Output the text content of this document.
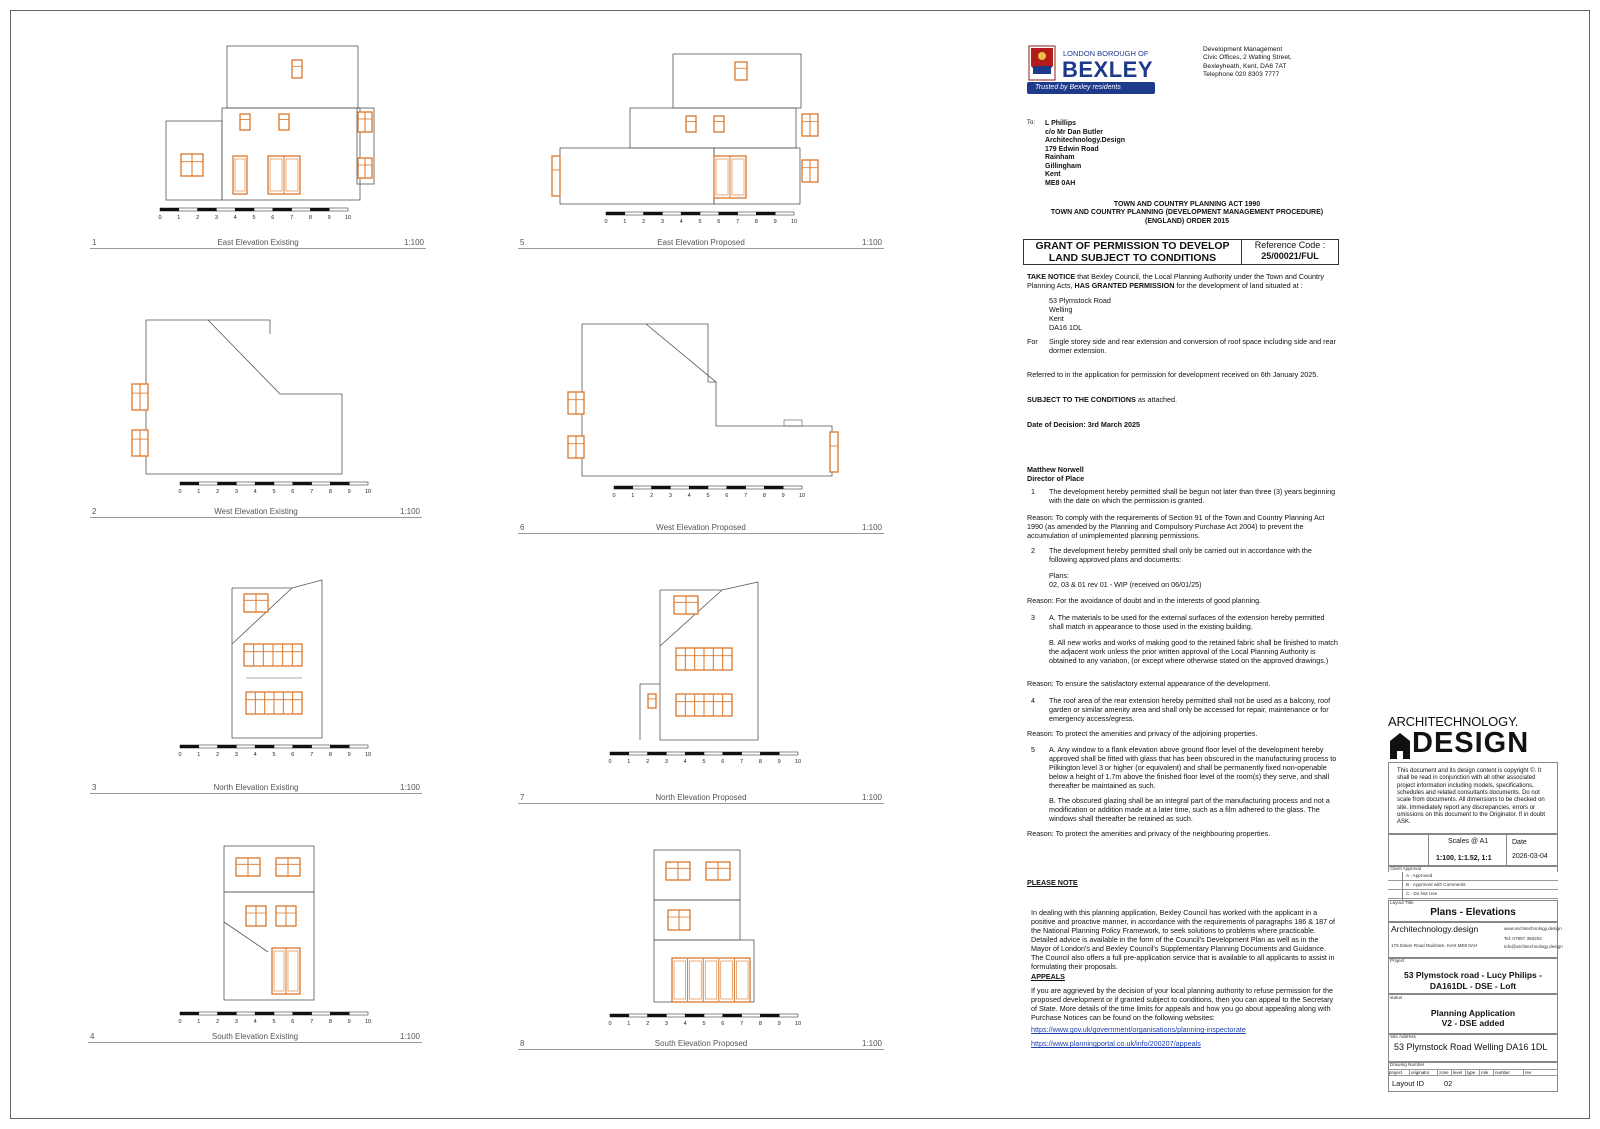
0	1	2	3	4	5	6	7	8	9	10
0	1	2	3	4	5	6	7	8	9	10
0	1	2	3	4	5	6	7	8	9	10
0	1	2	3	4	5	6	7	8	9	10
0	1	2	3	4	5	6	7	8	9	10
0	1	2	3	4	5	6	7	8	9	10
0	1	2	3	4	5	6	7	8	9	10	0	1	2	3	4	5	6	7	8	9	10
1	East Elevation Existing	1:100	5	East Elevation Proposed	1:100
2	West Elevation Existing	1:100
6	West Elevation Proposed	1:100
3	North Elevation Existing	1:100
7	North Elevation Proposed	1:100
4	South Elevation Existing	1:100
8	South Elevation Proposed	1:100
LONDON BOROUGH OF
BEXLEY
Trusted by Bexley residents
Development Management
Civic Offices, 2 Watling Street,
Bexleyheath, Kent, DA6 7AT
Telephone 020 8303 7777
To: L Phillips
c/o Mr Dan Butler
Architechnology.Design
179 Edwin Road
Rainham
Gillingham
Kent
ME8 0AH
TOWN AND COUNTRY PLANNING ACT 1990
TOWN AND COUNTRY PLANNING (DEVELOPMENT MANAGEMENT PROCEDURE)
(ENGLAND) ORDER 2015
GRANT OF PERMISSION TO DEVELOP
LAND SUBJECT TO CONDITIONS
Reference Code :
25/00021/FUL
TAKE NOTICE that Bexley Council, the Local Planning Authority under the Town and Country Planning Acts, HAS GRANTED PERMISSION for the development of land situated at :
53 Plymstock Road
Welling
Kent
DA16 1DL
For Single storey side and rear extension and conversion of roof space including side and rear dormer extension.
Referred to in the application for permission for development received on 6th January 2025.
SUBJECT TO THE CONDITIONS as attached.
Date of Decision: 3rd March 2025
Matthew Norwell
Director of Place
1 The development hereby permitted shall be begun not later than three (3) years beginning with the date on which the permission is granted.
Reason: To comply with the requirements of Section 91 of the Town and Country Planning Act 1990 (as amended by the Planning and Compulsory Purchase Act 2004) to prevent the accumulation of unimplemented planning permissions.
2 The development hereby permitted shall only be carried out in accordance with the following approved plans and documents:
Plans:
02, 03 & 01 rev 01 - WIP (received on 06/01/25)
Reason: For the avoidance of doubt and in the interests of good planning.
3 A. The materials to be used for the external surfaces of the extension hereby permitted shall match in appearance to those used in the existing building.
B. All new works and works of making good to the retained fabric shall be finished to match the adjacent work unless the prior written approval of the Local Planning Authority is obtained to any variation, (or except where otherwise stated on the approved drawings.)
Reason: To ensure the satisfactory external appearance of the development.
4 The roof area of the rear extension hereby permitted shall not be used as a balcony, roof garden or similar amenity area and shall only be accessed for repair, maintenance or for emergency access/egress.
Reason: To protect the amenities and privacy of the adjoining properties.
5 A. Any window to a flank elevation above ground floor level of the development hereby approved shall be fitted with glass that has been obscured in the manufacturing process to Pilkington level 3 or higher (or equivalent) and shall be permanently fixed non-openable below a height of 1.7m above the finished floor level of the room(s) they serve, and shall thereafter be maintained as such.
B. The obscured glazing shall be an integral part of the manufacturing process and not a modification or addition made at a later time, such as a film adhered to the glass. The windows shall thereafter be retained as such.
Reason: To protect the amenities and privacy of the neighbouring properties.
PLEASE NOTE
In dealing with this planning application, Bexley Council has worked with the applicant in a positive and proactive manner, in accordance with the requirements of paragraphs 186 & 187 of the National Planning Policy Framework, to seek solutions to problems where practicable. Detailed advice is available in the form of the Council's Development Plan as well as in the Mayor of London's and Bexley Council's Supplementary Planning Documents and Guidance. The Council also offers a full pre-application service that is available to all applicants to assist in formulating their proposals.
APPEALS
If you are aggrieved by the decision of your local planning authority to refuse permission for the proposed development or if granted subject to conditions, then you can appeal to the Secretary of State. More details of the time limits for appeals and how you go about appealing along with Purchase Notices can be found on the following websites:
https://www.gov.uk/government/organisations/planning-inspectorate
https://www.planningportal.co.uk/info/200207/appeals
ARCHITECHNOLOGY.
DESIGN
This document and its design content is copyright ©. It shall be read in conjunction with all other associated project information including models, specifications, schedules and related consultants documents. Do not scale from documents. All dimensions to be checked on site. Immediately report any discrepancies, errors or omissions on this document to the Originator. If in doubt ASK.
Scales @ A1
1:100, 1:1.52, 1:1
Date
2026-03-04
Client Approval
A - Approved
B - Approved with Comments
C - Do Not Use
Layout Title
Plans - Elevations
Architechnology.design	www.architechnology.design
Tel: 07957 350204
179 Edwin Road Rainham, Kent ME8 0AH	info@architechnology.design
Project
53 Plymstock road - Lucy Philips - DA161DL - DSE - Loft
status
Planning Application
V2 - DSE added
Site Address
53 Plymstock Road Welling DA16 1DL
Drawing Number
project	originator	zone	level	type	role	number	rev
Layout ID	02
